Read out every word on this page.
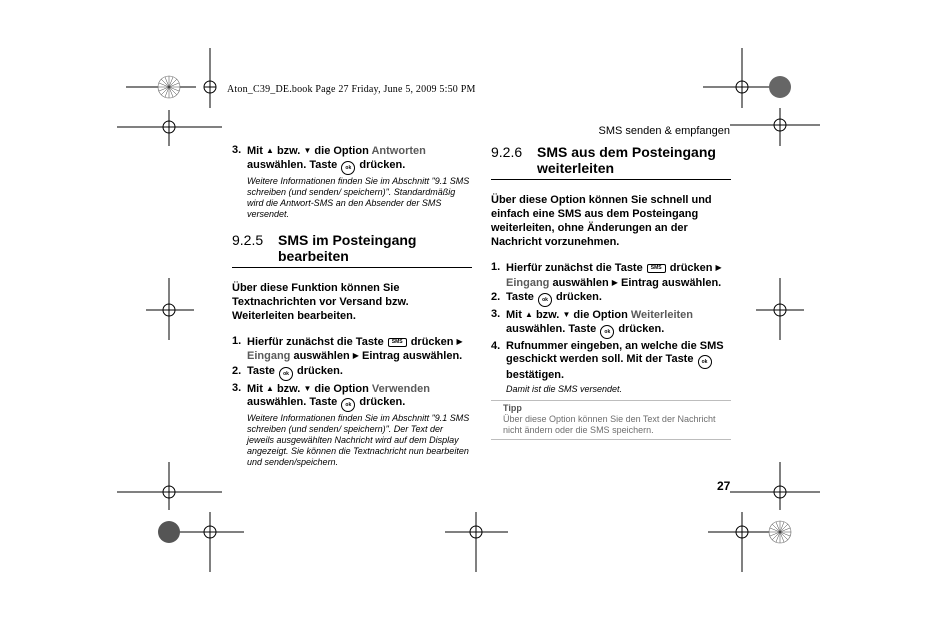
Aton_C39_DE.book Page 27 Friday, June 5, 2009 5:50 PM
SMS senden & empfangen
27
3. Mit ▲ bzw. ▼ die Option Antworten auswählen. Taste ok drücken.
Weitere Informationen finden Sie im Abschnitt "9.1 SMS schreiben (und senden/ speichern)". Standardmäßig wird die Antwort-SMS an den Absender der SMS versendet.
9.2.5	SMS im Posteingang bearbeiten
Über diese Funktion können Sie Textnachrichten vor Versand bzw. Weiterleiten bearbeiten.
1. Hierfür zunächst die Taste SMS drücken ▶ Eingang auswählen ▶ Eintrag auswählen.
2. Taste ok drücken.
3. Mit ▲ bzw. ▼ die Option Verwenden auswählen. Taste ok drücken.
Weitere Informationen finden Sie im Abschnitt "9.1 SMS schreiben (und senden/ speichern)". Der Text der jeweils ausgewählten Nachricht wird auf dem Display angezeigt. Sie können die Textnachricht nun bearbeiten und senden/speichern.
9.2.6	SMS aus dem Posteingang weiterleiten
Über diese Option können Sie schnell und einfach eine SMS aus dem Posteingang weiterleiten, ohne Änderungen an der Nachricht vorzunehmen.
1. Hierfür zunächst die Taste SMS drücken ▶ Eingang auswählen ▶ Eintrag auswählen.
2. Taste ok drücken.
3. Mit ▲ bzw. ▼ die Option Weiterleiten auswählen. Taste ok drücken.
4. Rufnummer eingeben, an welche die SMS geschickt werden soll. Mit der Taste ok bestätigen.
Damit ist die SMS versendet.
Tipp
Über diese Option können Sie den Text der Nachricht nicht ändern oder die SMS speichern.
